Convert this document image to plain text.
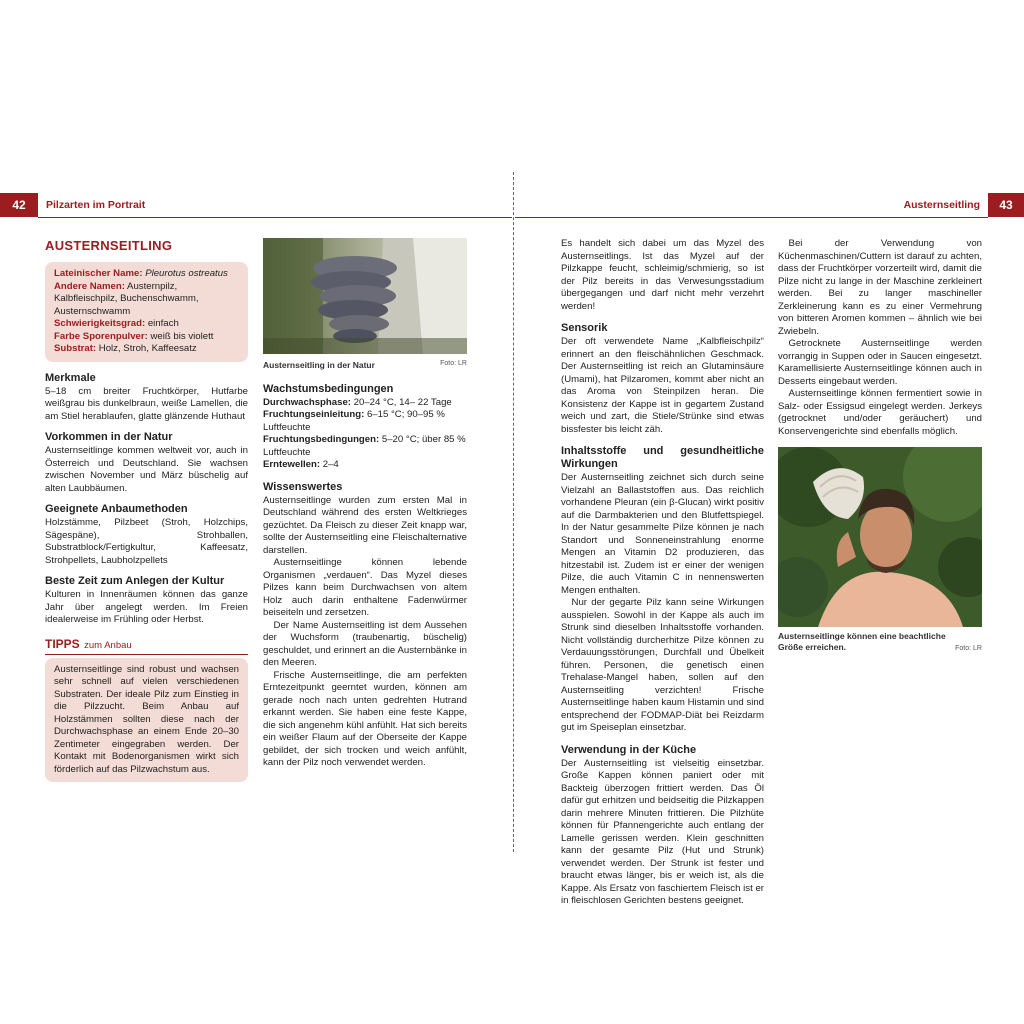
42	Pilzarten im Portrait
AUSTERNSEITLING
Lateinischer Name: Pleurotus ostreatus
Andere Namen: Austernpilz, Kalbfleischpilz, Buchenschwamm, Austernschwamm
Schwierigkeitsgrad: einfach
Farbe Sporenpulver: weiß bis violett
Substrat: Holz, Stroh, Kaffeesatz
Merkmale

5–18 cm breiter Fruchtkörper, Hutfarbe weißgrau bis dunkelbraun, weiße Lamellen, die am Stiel herablaufen, glatte glänzende Huthaut

Vorkommen in der Natur

Austernseitlinge kommen weltweit vor, auch in Österreich und Deutschland. Sie wachsen zwischen November und März büschelig auf alten Laubbäumen.

Geeignete Anbaumethoden

Holzstämme, Pilzbeet (Stroh, Holzchips, Sägespäne), Strohballen, Substratblock/Fertigkultur, Kaffeesatz, Strohpellets, Laubholzpellets

Beste Zeit zum Anlegen der Kultur

Kulturen in Innenräumen können das ganze Jahr über angelegt werden. Im Freien idealerweise im Frühling oder Herbst.

TIPPS zum Anbau
Austernseitlinge sind robust und wachsen sehr schnell auf vielen verschiedenen Substraten. Der ideale Pilz zum Einstieg in die Pilzzucht. Beim Anbau auf Holzstämmen sollten diese nach der Durchwachsphase an einem Ende 20–30 Zentimeter eingegraben werden. Der Kontakt mit Bodenorganismen wirkt sich förderlich auf das Pilzwachstum aus.
Austernseitling in der Natur	Foto: LR
Wachstumsbedingungen
Durchwachsphase: 20–24 °C, 14– 22 Tage
Fruchtungseinleitung: 6–15 °C; 90–95 % Luftfeuchte
Fruchtungsbedingungen: 5–20 °C; über 85 % Luftfeuchte
Erntewellen: 2–4
Wissenswertes

Austernseitlinge wurden zum ersten Mal in Deutschland während des ersten Weltkrieges gezüchtet. Da Fleisch zu dieser Zeit knapp war, sollte der Austernseitling eine Fleischalternative darstellen.

Austernseitlinge können lebende Organismen „verdauen“. Das Myzel dieses Pilzes kann beim Durchwachsen von altem Holz auch darin enthaltene Fadenwürmer beiseiteln und zersetzen.

Der Name Austernseitling ist dem Aussehen der Wuchsform (traubenartig, büschelig) geschuldet, und erinnert an die Austernbänke in den Meeren.

Frische Austernseitlinge, die am perfekten Erntezeitpunkt geerntet wurden, können am gerade noch nach unten gedrehten Hutrand erkannt werden. Sie haben eine feste Kappe, die sich angenehm kühl anfühlt. Hat sich bereits ein weißer Flaum auf der Oberseite der Kappe gebildet, der sich trocken und weich anfühlt, kann der Pilz noch verwendet werden.

43
Austernseitling

Es handelt sich dabei um das Myzel des Austernseitlings. Ist das Myzel auf der Pilzkappe feucht, schleimig/schmierig, so ist der Pilz bereits in das Verwesungsstadium übergegangen und darf nicht mehr verzehrt werden!

Sensorik

Der oft verwendete Name „Kalbfleischpilz“ erinnert an den fleischähnlichen Geschmack. Der Austernseitling ist reich an Glutaminsäure (Umami), hat Pilzaromen, kommt aber nicht an das Aroma von Steinpilzen heran. Die Konsistenz der Kappe ist in gegartem Zustand weich und zart, die Stiele/Strünke sind etwas bissfester bis leicht zäh.

Inhaltsstoffe und gesundheitliche Wirkungen

Der Austernseitling zeichnet sich durch seine Vielzahl an Ballaststoffen aus. Das reichlich vorhandene Pleuran (ein β-Glucan) wirkt positiv auf die Darmbakterien und den Blutfettspiegel. In der Natur gesammelte Pilze können je nach Standort und Sonneneinstrahlung enorme Mengen an Vitamin D2 produzieren, das hitzestabil ist. Zudem ist er einer der wenigen Pilze, die auch Vitamin C in nennenswerten Mengen enthalten.

Nur der gegarte Pilz kann seine Wirkungen ausspielen. Sowohl in der Kappe als auch im Strunk sind dieselben Inhaltsstoffe vorhanden. Nicht vollständig durcherhitze Pilze können zu Verdauungsstörungen, Durchfall und Übelkeit führen. Personen, die genetisch einen Trehalase-Mangel haben, sollen auf den Austernseitling verzichten! Frische Austernseitlinge haben kaum Histamin und sind entsprechend der FODMAP-Diät bei Reizdarm gut im Speiseplan einsetzbar.

Verwendung in der Küche

Der Austernseitling ist vielseitig einsetzbar. Große Kappen können paniert oder mit Backteig überzogen frittiert werden. Das Öl dafür gut erhitzen und beidseitig die Pilzkappen darin mehrere Minuten frittieren. Die Pilzhüte können für Pfannengerichte auch entlang der Lamelle gerissen werden. Klein geschnitten kann der gesamte Pilz (Hut und Strunk) verwendet werden. Der Strunk ist fester und braucht etwas länger, bis er weich ist, als die Kappe. Als Ersatz von faschiertem Fleisch ist er in fleischlosen Gerichten bestens geeignet.

Bei der Verwendung von Küchenmaschinen/Cuttern ist darauf zu achten, dass der Fruchtkörper vorzerteilt wird, damit die Pilze nicht zu lange in der Maschine zerkleinert werden. Bei zu langer maschineller Zerkleinerung kann es zu einer Vermehrung von bitteren Aromen kommen – ähnlich wie bei Zwiebeln.

Getrocknete Austernseitlinge werden vorrangig in Suppen oder in Saucen eingesetzt. Karamellisierte Austernseitlinge können auch in Desserts eingebaut werden.

Austernseitlinge können fermentiert sowie in Salz- oder Essigsud eingelegt werden. Jerkeys (getrocknet und/oder geräuchert) und Konservengerichte sind ebenfalls möglich.

Austernseitlinge können eine beachtliche Größe erreichen.	Foto: LR
